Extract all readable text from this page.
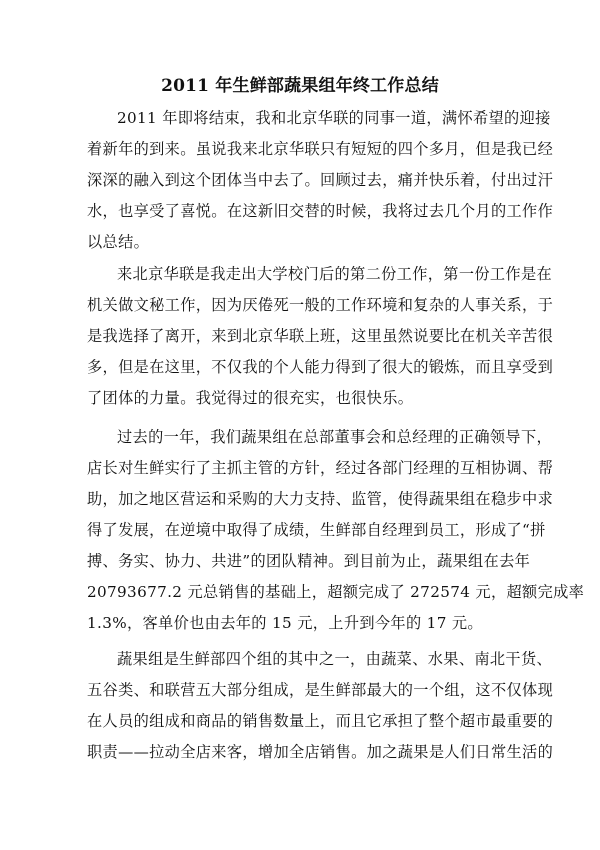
2011 年生鲜部蔬果组年终工作总结
2011 年即将结束，我和北京华联的同事一道，满怀希望的迎接
着新年的到来。虽说我来北京华联只有短短的四个多月，但是我已经
深深的融入到这个团体当中去了。回顾过去，痛并快乐着，付出过汗
水，也享受了喜悦。在这新旧交替的时候，我将过去几个月的工作作
以总结。
来北京华联是我走出大学校门后的第二份工作，第一份工作是在
机关做文秘工作，因为厌倦死一般的工作环境和复杂的人事关系，于
是我选择了离开，来到北京华联上班，这里虽然说要比在机关辛苦很
多，但是在这里，不仅我的个人能力得到了很大的锻炼，而且享受到
了团体的力量。我觉得过的很充实，也很快乐。
过去的一年，我们蔬果组在总部董事会和总经理的正确领导下，
店长对生鲜实行了主抓主管的方针，经过各部门经理的互相协调、帮
助，加之地区营运和采购的大力支持、监管，使得蔬果组在稳步中求
得了发展，在逆境中取得了成绩，生鲜部自经理到员工，形成了“拼
搏、务实、协力、共进”的团队精神。到目前为止，蔬果组在去年
20793677.2 元总销售的基础上，超额完成了 272574 元，超额完成率
1.3%，客单价也由去年的 15 元，上升到今年的 17 元。
蔬果组是生鲜部四个组的其中之一，由蔬菜、水果、南北干货、
五谷类、和联营五大部分组成，是生鲜部最大的一个组，这不仅体现
在人员的组成和商品的销售数量上，而且它承担了整个超市最重要的
职责——拉动全店来客，增加全店销售。加之蔬果是人们日常生活的
